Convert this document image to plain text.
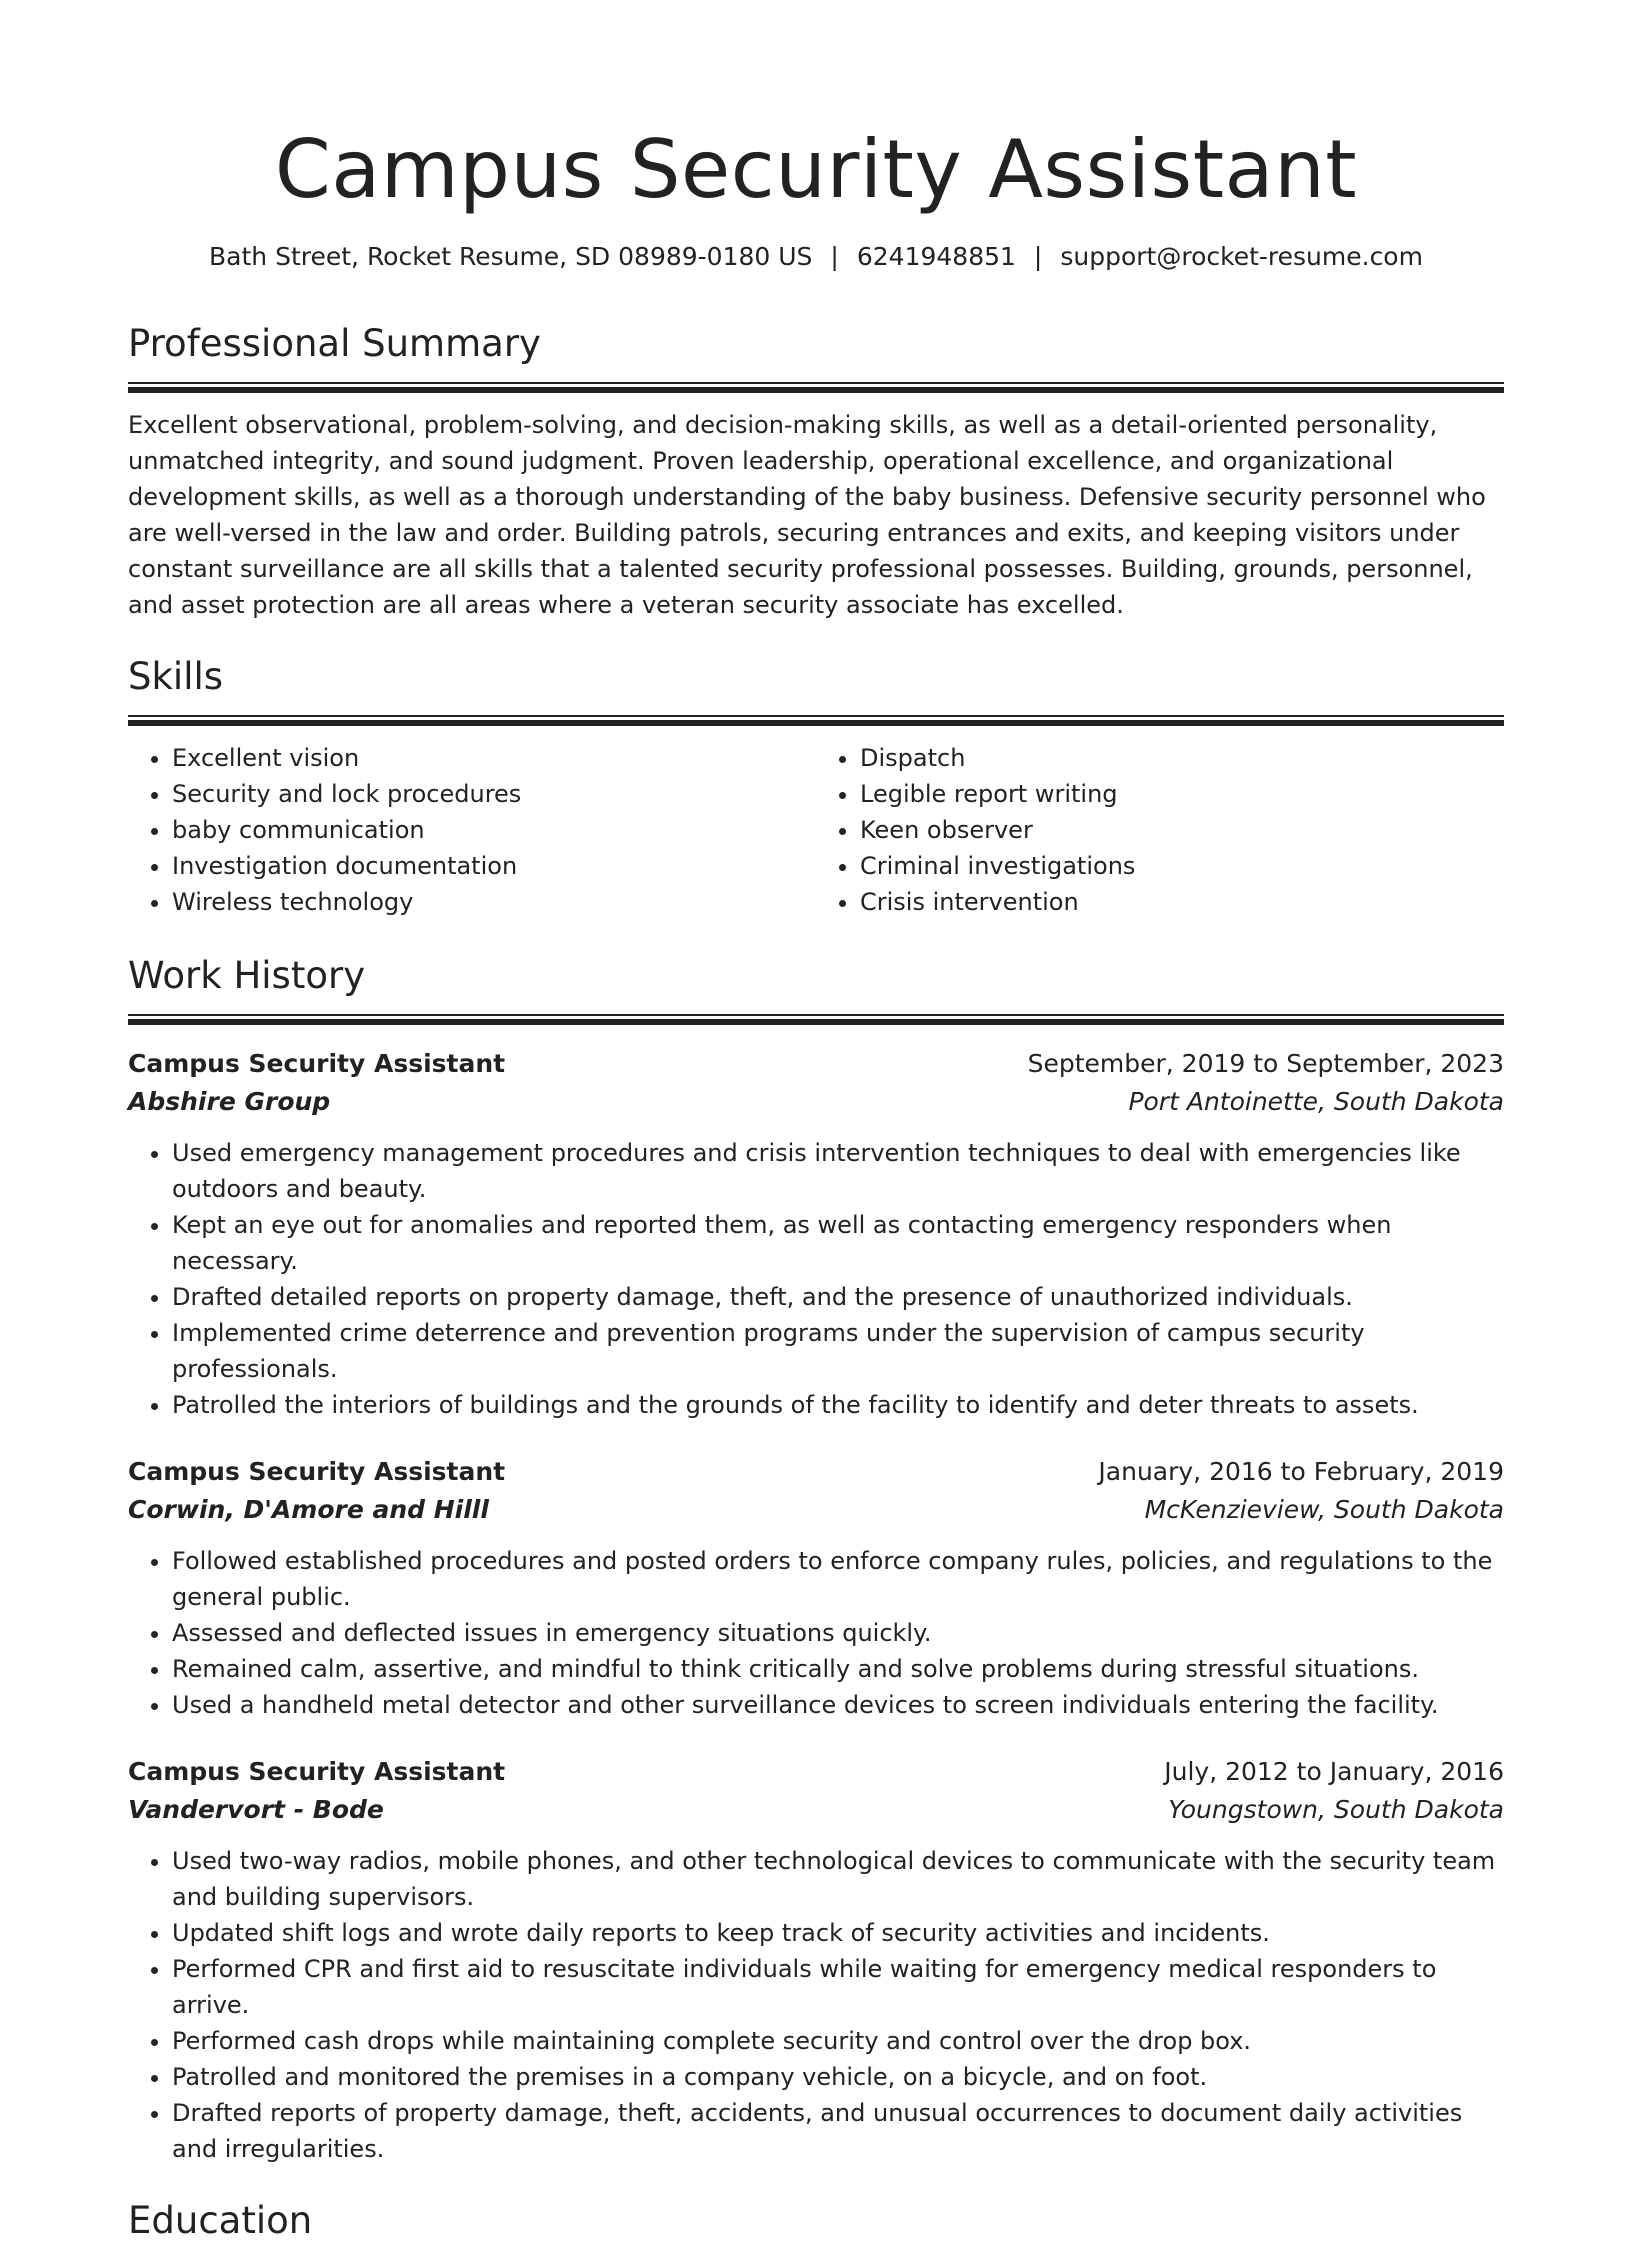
Campus Security Assistant
Bath Street, Rocket Resume, SD 08989-0180 US | 6241948851 | support@rocket-resume.com
Professional Summary
Excellent observational, problem-solving, and decision-making skills, as well as a detail-oriented personality, unmatched integrity, and sound judgment. Proven leadership, operational excellence, and organizational development skills, as well as a thorough understanding of the baby business. Defensive security personnel who are well-versed in the law and order. Building patrols, securing entrances and exits, and keeping visitors under constant surveillance are all skills that a talented security professional possesses. Building, grounds, personnel, and asset protection are all areas where a veteran security associate has excelled.
Skills
• Excellent vision
• Security and lock procedures
• baby communication
• Investigation documentation
• Wireless technology
• Dispatch
• Legible report writing
• Keen observer
• Criminal investigations
• Crisis intervention
Work History
Campus Security Assistant	September, 2019 to September, 2023
Abshire Group	Port Antoinette, South Dakota
• Used emergency management procedures and crisis intervention techniques to deal with emergencies like outdoors and beauty.
• Kept an eye out for anomalies and reported them, as well as contacting emergency responders when necessary.
• Drafted detailed reports on property damage, theft, and the presence of unauthorized individuals.
• Implemented crime deterrence and prevention programs under the supervision of campus security professionals.
• Patrolled the interiors of buildings and the grounds of the facility to identify and deter threats to assets.
Campus Security Assistant	January, 2016 to February, 2019
Corwin, D'Amore and Hilll	McKenzieview, South Dakota
• Followed established procedures and posted orders to enforce company rules, policies, and regulations to the general public.
• Assessed and deflected issues in emergency situations quickly.
• Remained calm, assertive, and mindful to think critically and solve problems during stressful situations.
• Used a handheld metal detector and other surveillance devices to screen individuals entering the facility.
Campus Security Assistant	July, 2012 to January, 2016
Vandervort - Bode	Youngstown, South Dakota
• Used two-way radios, mobile phones, and other technological devices to communicate with the security team and building supervisors.
• Updated shift logs and wrote daily reports to keep track of security activities and incidents.
• Performed CPR and first aid to resuscitate individuals while waiting for emergency medical responders to arrive.
• Performed cash drops while maintaining complete security and control over the drop box.
• Patrolled and monitored the premises in a company vehicle, on a bicycle, and on foot.
• Drafted reports of property damage, theft, accidents, and unusual occurrences to document daily activities and irregularities.
Education
